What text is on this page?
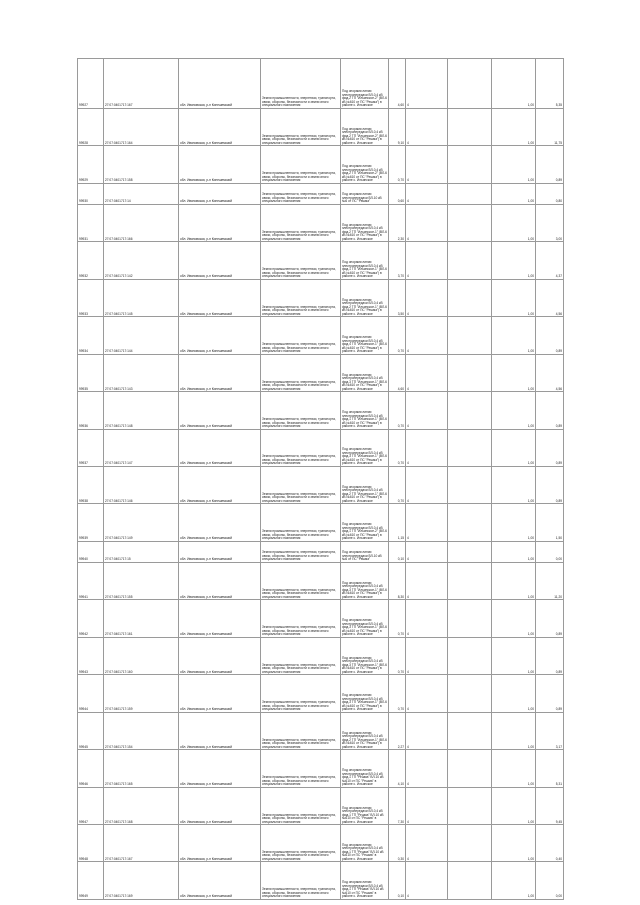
99927	27:07:0401717:167	обл. Ивановская, р-н Кинешемский	Земли промышленности, энергетики, транспорта, связи, обороны, безопасности и земли иного специального назначения	Под опорами линии электропередачи ВЛ-0,4 кВ фид.2 ТП "Ильинское-2" (ВЛ-6 кВ №610 от ПС "Решма") в районе с. Ильинское	4,60	4		1,00	5,35
99928	27:07:0401717:164	обл. Ивановская, р-н Кинешемский	Земли промышленности, энергетики, транспорта, связи, обороны, безопасности и земли иного специального назначения	Под опорами линии электропередачи ВЛ-0,4 кВ фид.2 ТП "Ильинское-2" (ВЛ-6 кВ №610 от ПС "Решма") в районе с. Ильинское	9,10	4		1,00	11,75
99929	27:07:0401717:158	обл. Ивановская, р-н Кинешемский	Земли промышленности, энергетики, транспорта, связи, обороны, безопасности и земли иного специального назначения	Под опорами линии электропередачи ВЛ-0,4 кВ фид.2 ТП "Ильинское-2" (ВЛ-6 кВ №610 от ПС "Решма") в районе с. Ильинское	0,70	4		1,00	0,89
99930	27:07:0401717:14	обл. Ивановская, р-н Кинешемский	Земли промышленности, энергетики, транспорта, связи, обороны, безопасности и земли иного специального назначения	Под опорами линии электропередачи ВЛ-10 кВ №6 от ПС "Решма"	0,60	4		1,00	0,80
99931	27:07:0401717:166	обл. Ивановская, р-н Кинешемский	Земли промышленности, энергетики, транспорта, связи, обороны, безопасности и земли иного специального назначения	Под опорами линии электропередачи ВЛ-0,4 кВ фид.2 ТП "Ильинское-1" (ВЛ-6 кВ №610 от ПС "Решма") в районе с. Ильинское	2,30	4		1,00	3,00
99932	27:07:0401717:142	обл. Ивановская, р-н Кинешемский	Земли промышленности, энергетики, транспорта, связи, обороны, безопасности и земли иного специального назначения	Под опорами линии электропередачи ВЛ-0,4 кВ фид.1 ТП "Ильинское-1" (ВЛ-6 кВ №610 от ПС "Решма") в районе с. Ильинское	3,70	4		1,00	4,37
99933	27:07:0401717:145	обл. Ивановская, р-н Кинешемский	Земли промышленности, энергетики, транспорта, связи, обороны, безопасности и земли иного специального назначения	Под опорами линии электропередачи ВЛ-0,4 кВ фид.2 ТП "Ильинское-1" (ВЛ-6 кВ №610 от ПС "Решма") в районе с. Ильинское	3,50	4		1,00	4,56
99934	27:07:0401717:144	обл. Ивановская, р-н Кинешемский	Земли промышленности, энергетики, транспорта, связи, обороны, безопасности и земли иного специального назначения	Под опорами линии электропередачи ВЛ-0,4 кВ фид.4 ТП "Ильинское-1" (ВЛ-6 кВ №610 от ПС "Решма") в районе с. Ильинское	0,70	4		1,00	0,89
99935	27:07:0401717:143	обл. Ивановская, р-н Кинешемский	Земли промышленности, энергетики, транспорта, связи, обороны, безопасности и земли иного специального назначения	Под опорами линии электропередачи ВЛ-0,4 кВ фид.3 ТП "Ильинское-1" (ВЛ-6 кВ №610 от ПС "Решма") в районе с. Ильинское	4,60	4		1,00	4,56
99936	27:07:0401717:148	обл. Ивановская, р-н Кинешемский	Земли промышленности, энергетики, транспорта, связи, обороны, безопасности и земли иного специального назначения	Под опорами линии электропередачи ВЛ-0,4 кВ фид.1 ТП "Ильинское-1" (ВЛ-6 кВ №610 от ПС "Решма") в районе с. Ильинское	0,70	4		1,00	0,89
99937	27:07:0401717:147	обл. Ивановская, р-н Кинешемский	Земли промышленности, энергетики, транспорта, связи, обороны, безопасности и земли иного специального назначения	Под опорами линии электропередачи ВЛ-0,4 кВ фид.3 ТП "Ильинское-1" (ВЛ-6 кВ №610 от ПС "Решма") в районе с. Ильинское	0,70	4		1,00	0,89
99938	27:07:0401717:146	обл. Ивановская, р-н Кинешемский	Земли промышленности, энергетики, транспорта, связи, обороны, безопасности и земли иного специального назначения	Под опорами линии электропередачи ВЛ-0,4 кВ фид.2 ТП "Ильинское-1" (ВЛ-6 кВ №610 от ПС "Решма") в районе с. Ильинское	0,70	4		1,00	0,89
99939	27:07:0401717:149	обл. Ивановская, р-н Кинешемский	Земли промышленности, энергетики, транспорта, связи, обороны, безопасности и земли иного специального назначения	Под опорами линии электропередачи ВЛ-0,4 кВ фид.1 ТП "Ильинское-2" (ВЛ-6 кВ №610 от ПС "Решма") в районе с. Ильинское	1,15	4		1,00	1,50
99940	27:07:0401717:15	обл. Ивановская, р-н Кинешемский	Земли промышленности, энергетики, транспорта, связи, обороны, безопасности и земли иного специального назначения	Под опорами линии электропередачи ВЛ-10 кВ №6 от ПС "Решма"	0,10	4		1,00	0,00
99941	27:07:0401717:155	обл. Ивановская, р-н Кинешемский	Земли промышленности, энергетики, транспорта, связи, обороны, безопасности и земли иного специального назначения	Под опорами линии электропередачи ВЛ-0,4 кВ фид.3 ТП "Ильинское-1" (ВЛ-6 кВ №610 от ПС "Решма") в районе с. Ильинское	8,30	4		1,00	11,20
99942	27:07:0401717:161	обл. Ивановская, р-н Кинешемский	Земли промышленности, энергетики, транспорта, связи, обороны, безопасности и земли иного специального назначения	Под опорами линии электропередачи ВЛ-0,4 кВ фид.3 ТП "Ильинское-1" (ВЛ-6 кВ №610 от ПС "Решма") в районе с. Ильинское	0,70	4		1,00	0,89
99943	27:07:0401717:160	обл. Ивановская, р-н Кинешемский	Земли промышленности, энергетики, транспорта, связи, обороны, безопасности и земли иного специального назначения	Под опорами линии электропередачи ВЛ-0,4 кВ фид.3 ТП "Ильинское-1" (ВЛ-6 кВ №610 от ПС "Решма") в районе с. Ильинское	0,70	4		1,00	0,89
99944	27:07:0401717:159	обл. Ивановская, р-н Кинешемский	Земли промышленности, энергетики, транспорта, связи, обороны, безопасности и земли иного специального назначения	Под опорами линии электропередачи ВЛ-0,4 кВ фид.3 ТП "Ильинское-1" (ВЛ-6 кВ №610 от ПС "Решма") в районе с. Ильинское	0,70	4		1,00	0,89
99945	27:07:0401717:154	обл. Ивановская, р-н Кинешемский	Земли промышленности, энергетики, транспорта, связи, обороны, безопасности и земли иного специального назначения	Под опорами линии электропередачи ВЛ-0,4 кВ фид.2 ТП "Ильинское-1" (ВЛ-6 кВ №610 от ПС "Решма") в районе с. Ильинское	2,27	4		1,00	3,17
99946	27:07:0401717:165	обл. Ивановская, р-н Кинешемский	Земли промышленности, энергетики, транспорта, связи, обороны, безопасности и земли иного специального назначения	Под опорами линии электропередачи ВЛ-0,4 кВ фид.1 ТП "Решма" ВЛ-10 кВ №610 от ПС "Решма" в районе с. Ильинское	4,10	4		1,00	5,31
99947	27:07:0401717:168	обл. Ивановская, р-н Кинешемский	Земли промышленности, энергетики, транспорта, связи, обороны, безопасности и земли иного специального назначения	Под опорами линии электропередачи ВЛ-0,4 кВ фид.1 ТП "Решма" ВЛ-10 кВ №610 от ПС "Решма" в районе с. Ильинское	7,30	4		1,00	9,45
99948	27:07:0401717:167	обл. Ивановская, р-н Кинешемский	Земли промышленности, энергетики, транспорта, связи, обороны, безопасности и земли иного специального назначения	Под опорами линии электропередачи ВЛ-0,4 кВ фид.1 ТП "Решма" ВЛ-10 кВ №610 от ПС "Решма" в районе с. Ильинское	0,30	4		1,00	0,40
99949	27:07:0401717:169	обл. Ивановская, р-н Кинешемский	Земли промышленности, энергетики, транспорта, связи, обороны, безопасности и земли иного специального назначения	Под опорами линии электропередачи ВЛ-0,4 кВ фид.1 ТП "Решма" ВЛ-10 кВ №610 от ПС "Решма" в районе с. Ильинское	0,10	4		1,00	0,00
